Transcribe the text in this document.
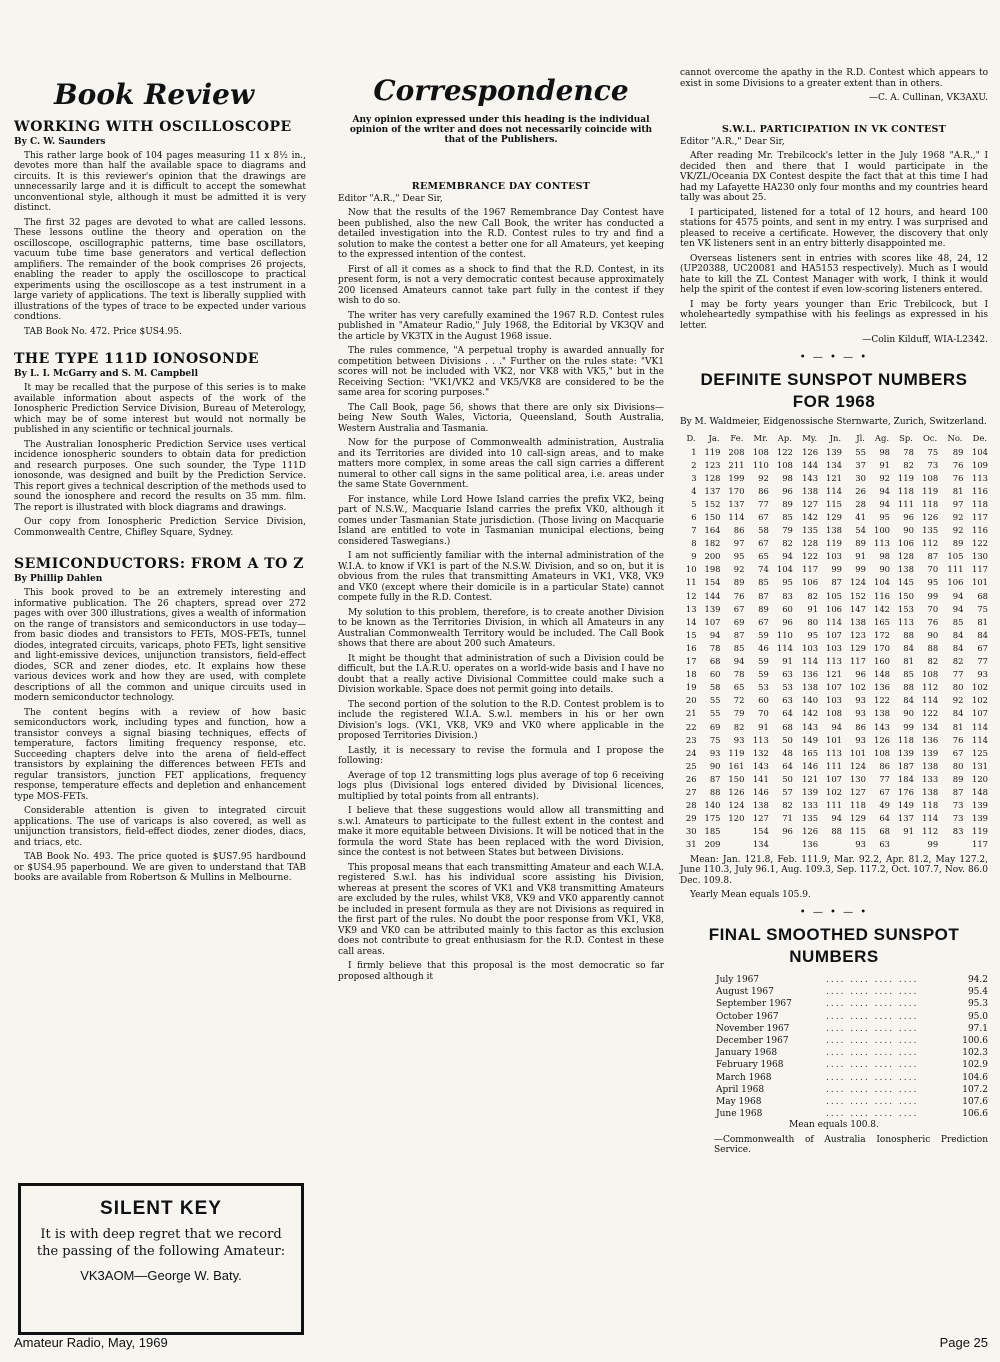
Book Review
WORKING WITH OSCILLOSCOPE
By C. W. Saunders

This rather large book of 104 pages measuring 11 x 8½ in., devotes more than half the available space to diagrams and circuits. It is this reviewer's opinion that the drawings are unnecessarily large and it is difficult to accept the somewhat unconventional style, although it must be admitted it is very distinct.

The first 32 pages are devoted to what are called lessons. These lessons outline the theory and operation on the oscilloscope, oscillographic patterns, time base oscillators, vacuum tube time base generators and vertical deflection amplifiers. The remainder of the book comprises 26 projects, enabling the reader to apply the oscilloscope to practical experiments using the oscilloscope as a test instrument in a large variety of applications. The text is liberally supplied with illustrations of the types of trace to be expected under various condtions.

TAB Book No. 472. Price $US4.95.

THE TYPE 111D IONOSONDE
By L. I. McGarry and S. M. Campbell

It may be recalled that the purpose of this series is to make available information about aspects of the work of the Ionospheric Prediction Service Division, Bureau of Meterology, which may be of some interest but would not normally be published in any scientific or technical journals.

The Australian Ionospheric Prediction Service uses vertical incidence ionospheric sounders to obtain data for prediction and research purposes. One such sounder, the Type 111D ionosonde, was designed and built by the Prediction Service. This report gives a technical description of the methods used to sound the ionosphere and record the results on 35 mm. film. The report is illustrated with block diagrams and drawings.

Our copy from Ionospheric Prediction Service Division, Commonwealth Centre, Chifley Square, Sydney.

SEMICONDUCTORS: FROM A TO Z
By Phillip Dahlen

This book proved to be an extremely interesting and informative publication. The 26 chapters, spread over 272 pages with over 300 illustrations, gives a wealth of information on the range of transistors and semiconductors in use today—from basic diodes and transistors to FETs, MOS-FETs, tunnel diodes, integrated circuits, varicaps, photo FETs, light sensitive and light-emissive devices, unijunction transistors, field-effect diodes, SCR and zener diodes, etc. It explains how these various devices work and how they are used, with complete descriptions of all the common and unique circuits used in modern semiconductor technology.

The content begins with a review of how basic semiconductors work, including types and function, how a transistor conveys a signal biasing techniques, effects of temperature, factors limiting frequency response, etc. Succeeding chapters delve into the arena of field-effect transistors by explaining the differences between FETs and regular transistors, junction FET applications, frequency response, temperature effects and depletion and enhancement type MOS-FETs.

Considerable attention is given to integrated circuit applications. The use of varicaps is also covered, as well as unijunction transistors, field-effect diodes, zener diodes, diacs, and triacs, etc.

TAB Book No. 493. The price quoted is $US7.95 hardbound or $US4.95 paperbound. We are given to understand that TAB books are available from Robertson & Mullins in Melbourne.

SILENT KEY
It is with deep regret that we record the passing of the following Amateur:
VK3AOM—George W. Baty.
Correspondence
Any opinion expressed under this heading is the individual opinion of the writer and does not necessarily coincide with that of the Publishers.
REMEMBRANCE DAY CONTEST

Editor "A.R.," Dear Sir,

Now that the results of the 1967 Remembrance Day Contest have been published, also the new Call Book, the writer has conducted a detailed investigation into the R.D. Contest rules to try and find a solution to make the contest a better one for all Amateurs, yet keeping to the expressed intention of the contest.

First of all it comes as a shock to find that the R.D. Contest, in its present form, is not a very democratic contest because approximately 200 licensed Amateurs cannot take part fully in the contest if they wish to do so.

The writer has very carefully examined the 1967 R.D. Contest rules published in "Amateur Radio," July 1968, the Editorial by VK3QV and the article by VK3TX in the August 1968 issue.

The rules commence, "A perpetual trophy is awarded annually for competition between Divisions . . ." Further on the rules state: "VK1 scores will not be included with VK2, nor VK8 with VK5," but in the Receiving Section: "VK1/VK2 and VK5/VK8 are considered to be the same area for scoring purposes."

The Call Book, page 56, shows that there are only six Divisions—being New South Wales, Victoria, Queensland, South Australia, Western Australia and Tasmania.

Now for the purpose of Commonwealth administration, Australia and its Territories are divided into 10 call-sign areas, and to make matters more complex, in some areas the call sign carries a different numeral to other call signs in the same political area, i.e. areas under the same State Government.

For instance, while Lord Howe Island carries the prefix VK2, being part of N.S.W., Macquarie Island carries the prefix VK0, although it comes under Tasmanian State jurisdiction. (Those living on Macquarie Island are entitled to vote in Tasmanian municipal elections, being considered Taswegians.)

I am not sufficiently familiar with the internal administration of the W.I.A. to know if VK1 is part of the N.S.W. Division, and so on, but it is obvious from the rules that transmitting Amateurs in VK1, VK8, VK9 and VK0 (except where their domicile is in a particular State) cannot compete fully in the R.D. Contest.

My solution to this problem, therefore, is to create another Division to be known as the Territories Division, in which all Amateurs in any Australian Commonwealth Territory would be included. The Call Book shows that there are about 200 such Amateurs.

It might be thought that administration of such a Division could be difficult, but the I.A.R.U. operates on a world-wide basis and I have no doubt that a really active Divisional Committee could make such a Division workable. Space does not permit going into details.

The second portion of the solution to the R.D. Contest problem is to include the registered W.I.A. S.w.l. members in his or her own Division's logs. (VK1, VK8, VK9 and VK0 where applicable in the proposed Territories Division.)

Lastly, it is necessary to revise the formula and I propose the following:

Average of top 12 transmitting logs plus average of top 6 receiving logs plus (Divisional logs entered divided by Divisional licences, multiplied by total points from all entrants).

I believe that these suggestions would allow all transmitting and s.w.l. Amateurs to participate to the fullest extent in the contest and make it more equitable between Divisions. It will be noticed that in the formula the word State has been replaced with the word Division, since the contest is not between States but between Divisions.

This proposal means that each transmitting Amateur and each W.I.A. registered S.w.l. has his individual score assisting his Division, whereas at present the scores of VK1 and VK8 transmitting Amateurs are excluded by the rules, whilst VK8, VK9 and VK0 apparently cannot be included in present formula as they are not Divisions as required in the first part of the rules. No doubt the poor response from VK1, VK8, VK9 and VK0 can be attributed mainly to this factor as this exclusion does not contribute to great enthusiasm for the R.D. Contest in these call areas.

I firmly believe that this proposal is the most democratic so far proposed although it

cannot overcome the apathy in the R.D. Contest which appears to exist in some Divisions to a greater extent than in others.

—C. A. Cullinan, VK3AXU.

S.W.L. PARTICIPATION IN VK CONTEST

Editor "A.R.," Dear Sir,

After reading Mr. Trebilcock's letter in the July 1968 "A.R.," I decided then and there that I would participate in the VK/ZL/Oceania DX Contest despite the fact that at this time I had had my Lafayette HA230 only four months and my countries heard tally was about 25.

I participated, listened for a total of 12 hours, and heard 100 stations for 4575 points, and sent in my entry. I was surprised and pleased to receive a certificate. However, the discovery that only ten VK listeners sent in an entry bitterly disappointed me.

Overseas listeners sent in entries with scores like 48, 24, 12 (UP20388, UC20081 and HA5153 respectively). Much as I would hate to kill the ZL Contest Manager with work, I think it would help the spirit of the contest if even low-scoring listeners entered.

I may be forty years younger than Eric Trebilcock, but I wholeheartedly sympathise with his feelings as expressed in his letter.

—Colin Kilduff, WIA-L2342.

• — • — •
DEFINITE SUNSPOT NUMBERS
FOR 1968

By M. Waldmeier, Eidgenossische Sternwarte, Zurich, Switzerland.

D.	Ja.	Fe.	Mr.	Ap.	My.	Jn.	Jl.	Ag.	Sp.	Oc.	No.	De.
1	119	208	108	122	126	139	55	98	78	75	89	104
2	123	211	110	108	144	134	37	91	82	73	76	109
3	128	199	92	98	143	121	30	92	119	108	76	113
4	137	170	86	96	138	114	26	94	118	119	81	116
5	152	137	77	89	127	115	28	94	111	118	97	118
6	150	114	67	85	142	129	41	95	96	126	92	117
7	164	86	58	79	135	138	54	100	90	135	92	116
8	182	97	67	82	128	119	89	113	106	112	89	122
9	200	95	65	94	122	103	91	98	128	87	105	130
10	198	92	74	104	117	99	99	90	138	70	111	117
11	154	89	85	95	106	87	124	104	145	95	106	101
12	144	76	87	83	82	105	152	116	150	99	94	68
13	139	67	89	60	91	106	147	142	153	70	94	75
14	107	69	67	96	80	114	138	165	113	76	85	81
15	94	87	59	110	95	107	123	172	88	90	84	84
16	78	85	46	114	103	103	129	170	84	88	84	67
17	68	94	59	91	114	113	117	160	81	82	82	77
18	60	78	59	63	136	121	96	148	85	108	77	93
19	58	65	53	53	138	107	102	136	88	112	80	102
20	55	72	60	63	140	103	93	122	84	114	92	102
21	55	79	70	64	142	108	93	138	90	122	84	107
22	69	82	91	68	143	94	86	143	99	134	81	114
23	75	93	113	50	149	101	93	126	118	136	76	114
24	93	119	132	48	165	113	101	108	139	139	67	125
25	90	161	143	64	146	111	124	86	187	138	80	131
26	87	150	141	50	121	107	130	77	184	133	89	120
27	88	126	146	57	139	102	127	67	176	138	87	148
28	140	124	138	82	133	111	118	49	149	118	73	139
29	175	120	127	71	135	94	129	64	137	114	73	139
30	185		154	96	126	88	115	68	91	112	83	119
31	209		134		136		93	63		99		117

Mean: Jan. 121.8, Feb. 111.9, Mar. 92.2, Apr. 81.2, May 127.2, June 110.3, July 96.1, Aug. 109.3, Sep. 117.2, Oct. 107.7, Nov. 86.0 Dec. 109.8.

Yearly Mean equals 105.9.

• — • — •
FINAL SMOOTHED SUNSPOT
NUMBERS
July 1967	.... .... .... ....	94.2
August 1967	.... .... .... ....	95.4
September 1967	.... .... .... ....	95.3
October 1967	.... .... .... ....	95.0
November 1967	.... .... .... ....	97.1
December 1967	.... .... .... ....	100.6
January 1968	.... .... .... ....	102.3
February 1968	.... .... .... ....	102.9
March 1968	.... .... .... ....	104.6
April 1968	.... .... .... ....	107.2
May 1968	.... .... .... ....	107.6
June 1968	.... .... .... ....	106.6

Mean equals 100.8.

—Commonwealth of Australia Ionospheric Prediction Service.

Amateur Radio, May, 1969	Page 25
